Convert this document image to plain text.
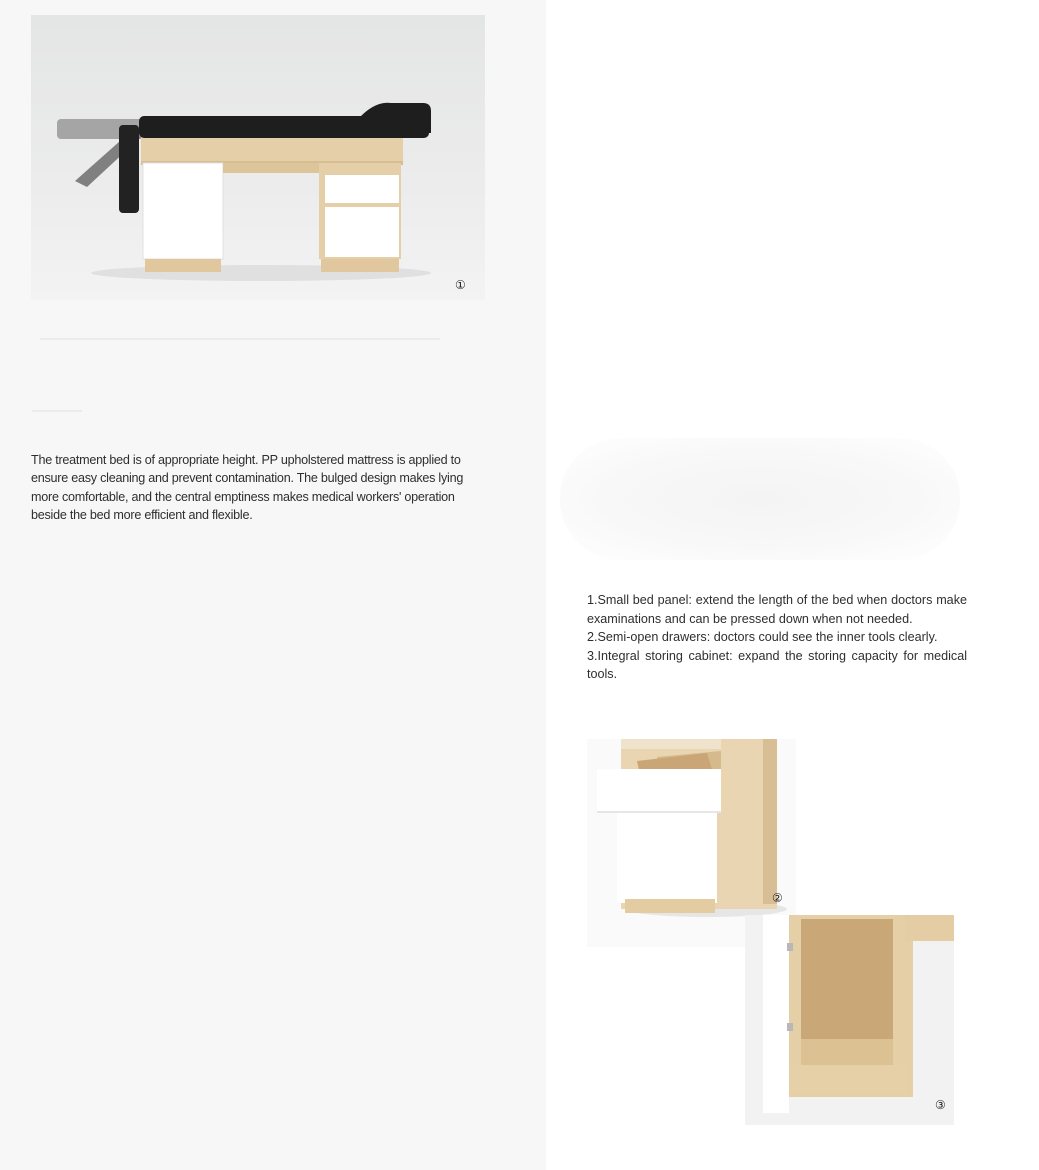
①

The treatment bed is of appropriate height. PP upholstered mattress is applied to ensure easy cleaning and prevent contamination. The bulged design makes lying more comfortable, and the central emptiness makes medical workers' operation beside the bed more efficient and flexible.

1.Small bed panel: extend the length of the bed when doctors make examinations and can be pressed down when not needed.

2.Semi-open drawers: doctors could see the inner tools clearly.

3.Integral storing cabinet: expand the storing capacity for medical tools.

②
③
